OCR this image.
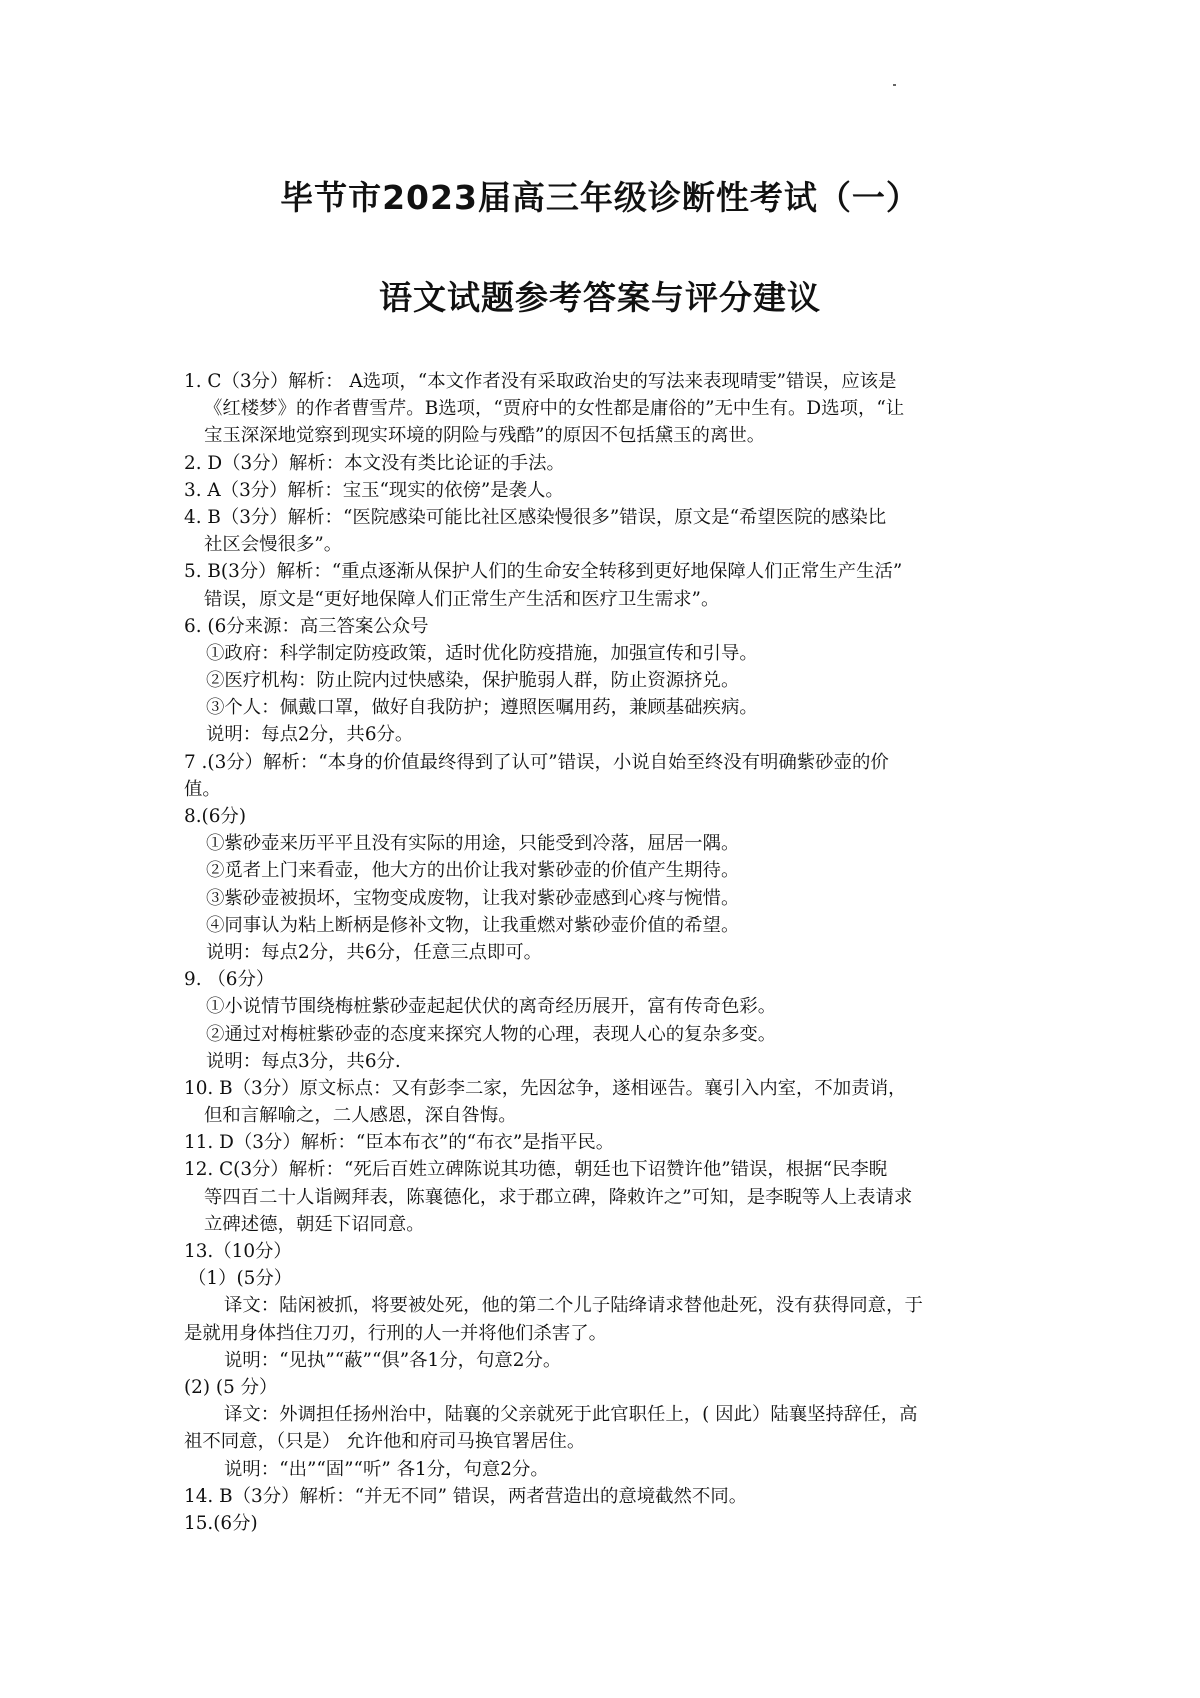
毕节市2023届高三年级诊断性考试（一）
语文试题参考答案与评分建议
1. C（3分）解析： A选项，“本文作者没有采取政治史的写法来表现晴雯”错误，应该是
《红楼梦》的作者曹雪芹。B选项，“贾府中的女性都是庸俗的”无中生有。D选项，“让
宝玉深深地觉察到现实环境的阴险与残酷”的原因不包括黛玉的离世。
2. D（3分）解析：本文没有类比论证的手法。
3. A（3分）解析：宝玉“现实的依傍”是袭人。
4. B（3分）解析：“医院感染可能比社区感染慢很多”错误，原文是“希望医院的感染比
社区会慢很多”。
5. B(3分）解析：“重点逐渐从保护人们的生命安全转移到更好地保障人们正常生产生活”
错误，原文是“更好地保障人们正常生产生活和医疗卫生需求”。
6. (6分来源：高三答案公众号
①政府：科学制定防疫政策，适时优化防疫措施，加强宣传和引导。
②医疗机构：防止院内过快感染，保护脆弱人群，防止资源挤兑。
③个人：佩戴口罩，做好自我防护；遵照医嘱用药，兼顾基础疾病。
说明：每点2分，共6分。
7 .(3分）解析：“本身的价值最终得到了认可”错误，小说自始至终没有明确紫砂壶的价
值。
8.(6分)
①紫砂壶来历平平且没有实际的用途，只能受到冷落，屈居一隅。
②觅者上门来看壶，他大方的出价让我对紫砂壶的价值产生期待。
③紫砂壶被损坏，宝物变成废物，让我对紫砂壶感到心疼与惋惜。
④同事认为粘上断柄是修补文物，让我重燃对紫砂壶价值的希望。
说明：每点2分，共6分，任意三点即可。
9. （6分）
①小说情节围绕梅桩紫砂壶起起伏伏的离奇经历展开，富有传奇色彩。
②通过对梅桩紫砂壶的态度来探究人物的心理，表现人心的复杂多变。
说明：每点3分，共6分.
10. B（3分）原文标点：又有彭李二家，先因忿争，遂相诬告。襄引入内室，不加责诮，
但和言解喻之，二人感恩，深自咎悔。
11. D（3分）解析：“臣本布衣”的“布衣”是指平民。
12. C(3分）解析：“死后百姓立碑陈说其功德，朝廷也下诏赞许他”错误，根据“民李睨
等四百二十人诣阙拜表，陈襄德化，求于郡立碑，降敕许之”可知，是李睨等人上表请求
立碑述德，朝廷下诏同意。
13.（10分）
（1）(5分）
译文：陆闲被抓，将要被处死，他的第二个儿子陆绛请求替他赴死，没有获得同意，于
是就用身体挡住刀刃，行刑的人一并将他们杀害了。
说明：“见执”“蔽”“俱”各1分，句意2分。
(2) (5 分）
译文：外调担任扬州治中，陆襄的父亲就死于此官职任上，( 因此）陆襄坚持辞任，高
祖不同意，（只是） 允许他和府司马换官署居住。
说明：“出”“固”“听” 各1分，句意2分。
14. B（3分）解析：“并无不同” 错误，两者营造出的意境截然不同。
15.(6分)
